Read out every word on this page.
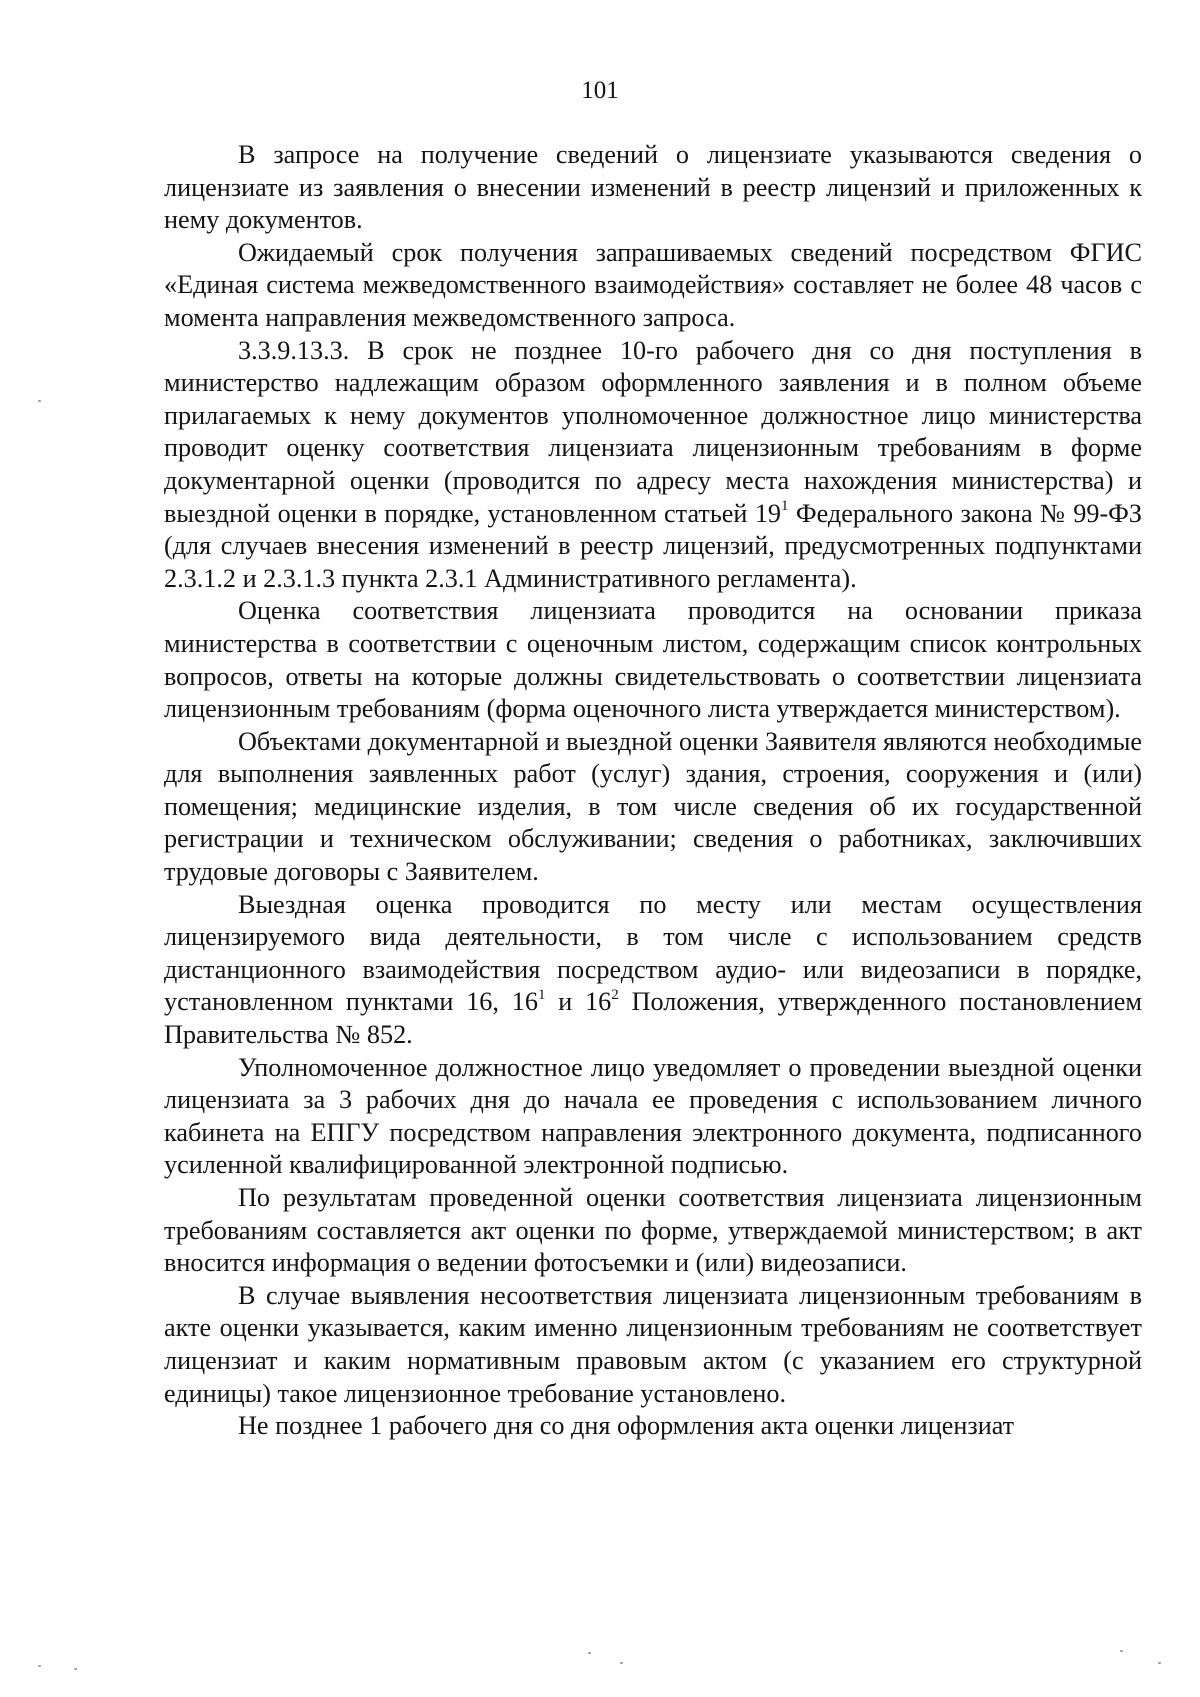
101

В запросе на получение сведений о лицензиате указываются сведения о лицензиате из заявления о внесении изменений в реестр лицензий и приложенных к нему документов.

Ожидаемый срок получения запрашиваемых сведений посредством ФГИС «Единая система межведомственного взаимодействия» составляет не более 48 часов с момента направления межведомственного запроса.

3.3.9.13.3. В срок не позднее 10-го рабочего дня со дня поступления в министерство надлежащим образом оформленного заявления и в полном объеме прилагаемых к нему документов уполномоченное должностное лицо министерства проводит оценку соответствия лицензиата лицензионным требованиям в форме документарной оценки (проводится по адресу места нахождения министерства) и выездной оценки в порядке, установленном статьей $19^1$ Федерального закона № 99-ФЗ (для случаев внесения изменений в реестр лицензий, предусмотренных подпунктами 2.3.1.2 и 2.3.1.3 пункта 2.3.1 Административного регламента).

Оценка соответствия лицензиата проводится на основании приказа министерства в соответствии с оценочным листом, содержащим список контрольных вопросов, ответы на которые должны свидетельствовать о соответствии лицензиата лицензионным требованиям (форма оценочного листа утверждается министерством).

Объектами документарной и выездной оценки Заявителя являются необходимые для выполнения заявленных работ (услуг) здания, строения, сооружения и (или) помещения; медицинские изделия, в том числе сведения об их государственной регистрации и техническом обслуживании; сведения о работниках, заключивших трудовые договоры с Заявителем.

Выездная оценка проводится по месту или местам осуществления лицензируемого вида деятельности, в том числе с использованием средств дистанционного взаимодействия посредством аудио- или видеозаписи в порядке, установленном пунктами 16, $16^1$ и $16^2$ Положения, утвержденного постановлением Правительства № 852.

Уполномоченное должностное лицо уведомляет о проведении выездной оценки лицензиата за 3 рабочих дня до начала ее проведения с использованием личного кабинета на ЕПГУ посредством направления электронного документа, подписанного усиленной квалифицированной электронной подписью.

По результатам проведенной оценки соответствия лицензиата лицензионным требованиям составляется акт оценки по форме, утверждаемой министерством; в акт вносится информация о ведении фотосъемки и (или) видеозаписи.

В случае выявления несоответствия лицензиата лицензионным требованиям в акте оценки указывается, каким именно лицензионным требованиям не соответствует лицензиат и каким нормативным правовым актом (с указанием его структурной единицы) такое лицензионное требование установлено.

Не позднее 1 рабочего дня со дня оформления акта оценки лицензиат
